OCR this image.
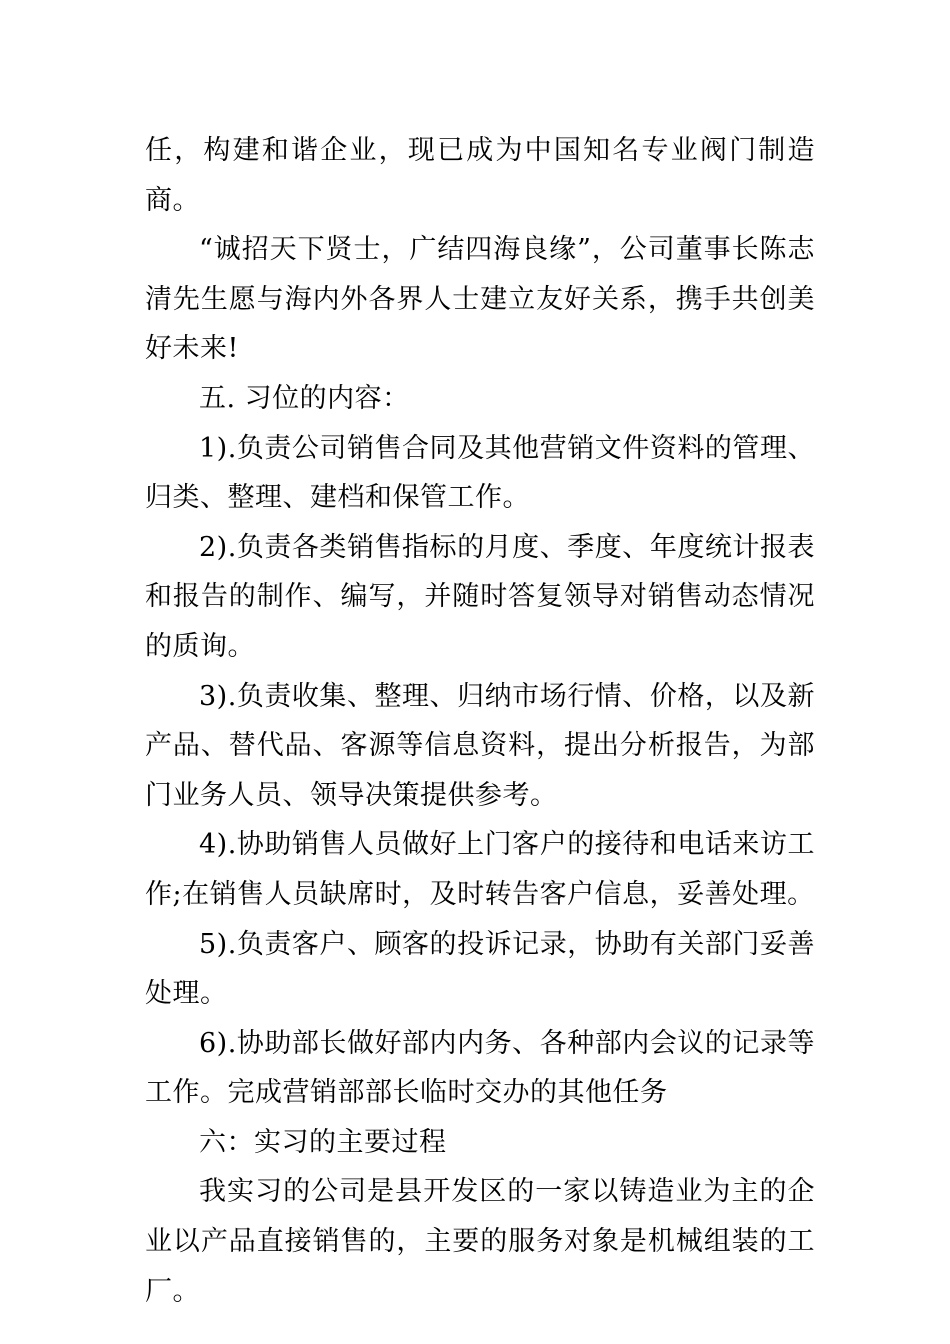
任，构建和谐企业，现已成为中国知名专业阀门制造商。

“诚招天下贤士，广结四海良缘”，公司董事长陈志清先生愿与海内外各界人士建立友好关系，携手共创美好未来!

五. 习位的内容：

1).负责公司销售合同及其他营销文件资料的管理、归类、整理、建档和保管工作。

2).负责各类销售指标的月度、季度、年度统计报表和报告的制作、编写，并随时答复领导对销售动态情况的质询。

3).负责收集、整理、归纳市场行情、价格，以及新产品、替代品、客源等信息资料，提出分析报告，为部门业务人员、领导决策提供参考。

4).协助销售人员做好上门客户的接待和电话来访工作;在销售人员缺席时，及时转告客户信息，妥善处理。

5).负责客户、顾客的投诉记录，协助有关部门妥善处理。

6).协助部长做好部内内务、各种部内会议的记录等工作。完成营销部部长临时交办的其他任务

六：实习的主要过程

我实习的公司是县开发区的一家以铸造业为主的企业以产品直接销售的，主要的服务对象是机械组装的工厂。
